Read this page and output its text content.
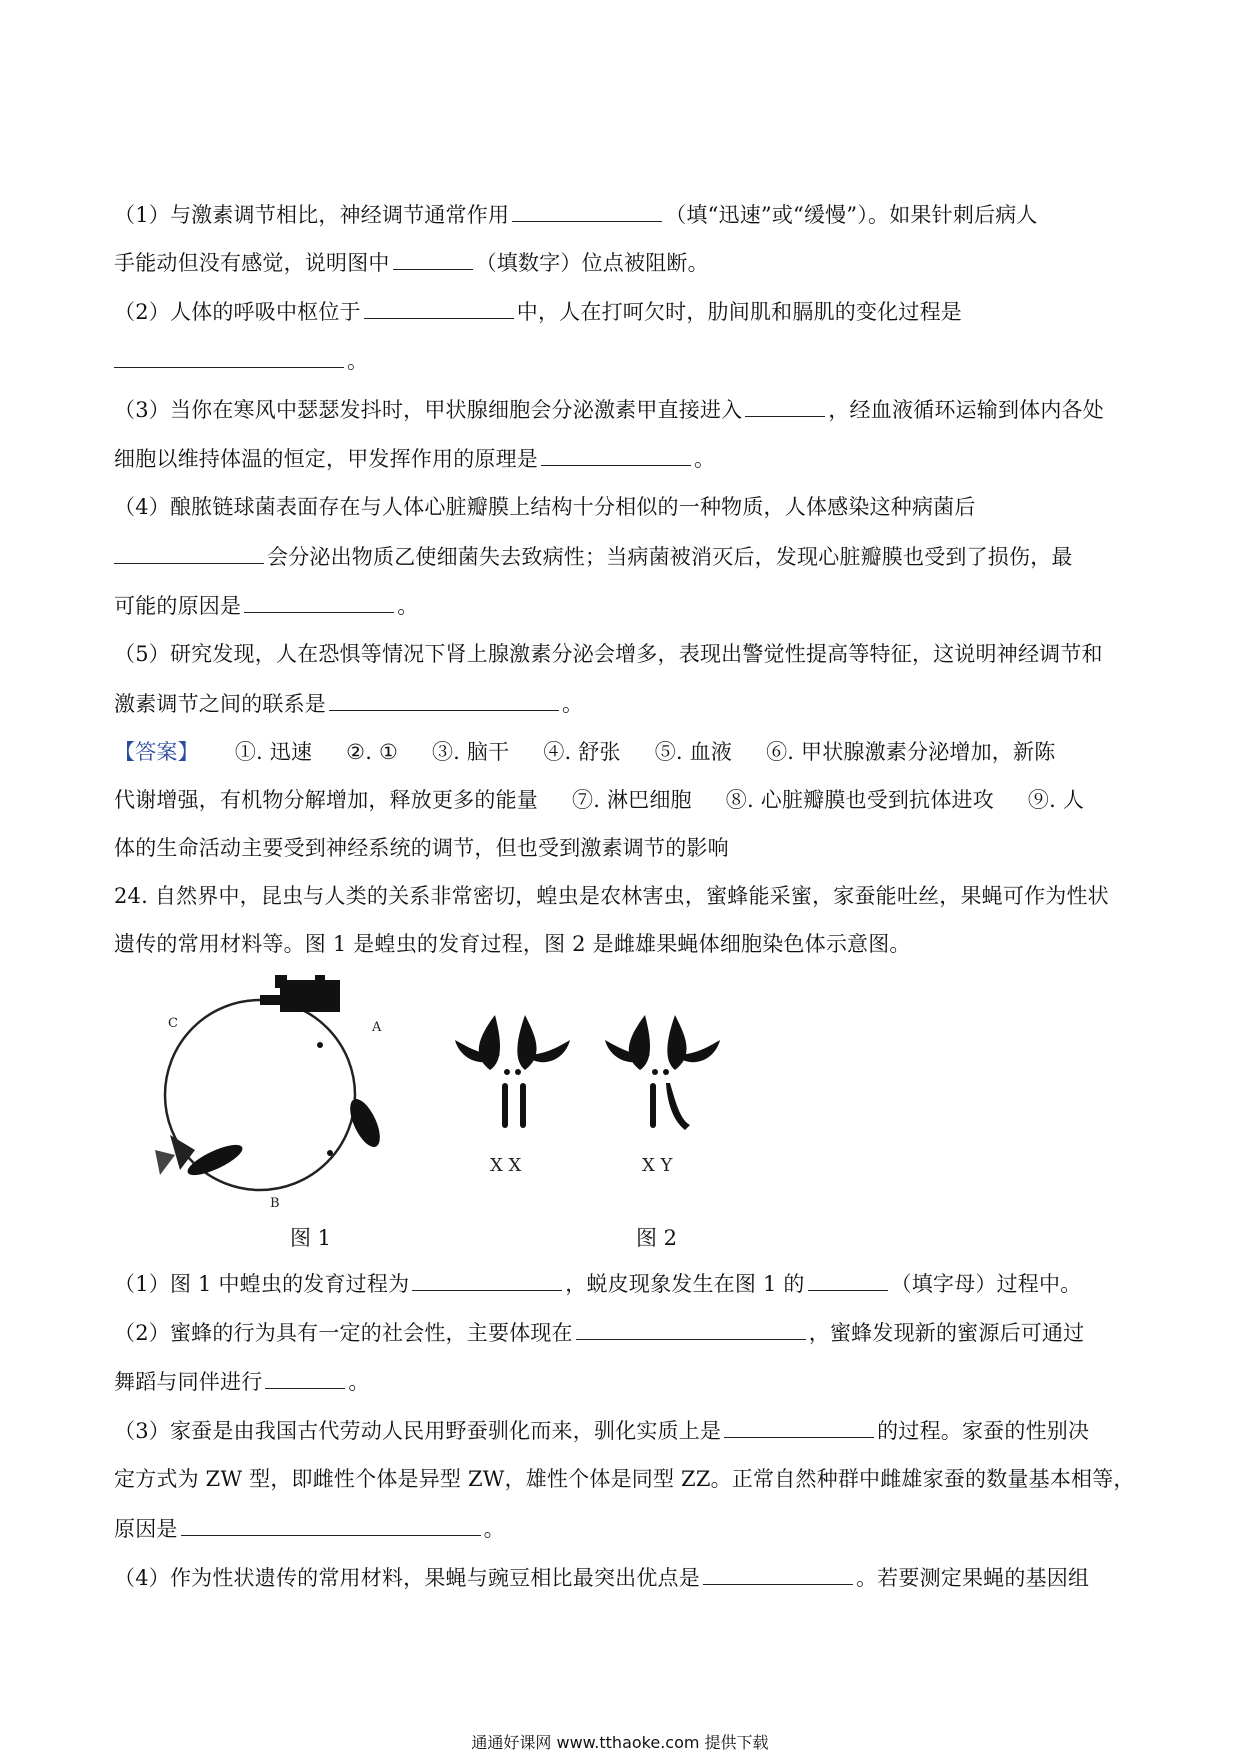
（1）与激素调节相比，神经调节通常作用	（填“迅速”或“缓慢”）。如果针刺后病人
手能动但没有感觉，说明图中	（填数字）位点被阻断。
（2）人体的呼吸中枢位于	中，人在打呵欠时，肋间肌和膈肌的变化过程是
。
（3）当你在寒风中瑟瑟发抖时，甲状腺细胞会分泌激素甲直接进入	，经血液循环运输到体内各处
细胞以维持体温的恒定，甲发挥作用的原理是	。
（4）酿脓链球菌表面存在与人体心脏瓣膜上结构十分相似的一种物质，人体感染这种病菌后
会分泌出物质乙使细菌失去致病性；当病菌被消灭后，发现心脏瓣膜也受到了损伤，最
可能的原因是	。
（5）研究发现，人在恐惧等情况下肾上腺激素分泌会增多，表现出警觉性提高等特征，这说明神经调节和
激素调节之间的联系是	。
【答案】 ①. 迅速 ②. ① ③. 脑干 ④. 舒张 ⑤. 血液 ⑥. 甲状腺激素分泌增加，新陈
代谢增强，有机物分解增加，释放更多的能量 ⑦. 淋巴细胞 ⑧. 心脏瓣膜也受到抗体进攻 ⑨. 人
体的生命活动主要受到神经系统的调节，但也受到激素调节的影响
24. 自然界中，昆虫与人类的关系非常密切，蝗虫是农林害虫，蜜蜂能采蜜，家蚕能吐丝，果蝇可作为性状
遗传的常用材料等。图 1 是蝗虫的发育过程，图 2 是雌雄果蝇体细胞染色体示意图。
C	A
B
X X	X Y
图 1	图 2
（1）图 1 中蝗虫的发育过程为	，蜕皮现象发生在图 1 的	（填字母）过程中。
（2）蜜蜂的行为具有一定的社会性，主要体现在	，蜜蜂发现新的蜜源后可通过
舞蹈与同伴进行	。
（3）家蚕是由我国古代劳动人民用野蚕驯化而来，驯化实质上是	的过程。家蚕的性别决
定方式为 ZW 型，即雌性个体是异型 ZW，雄性个体是同型 ZZ。正常自然种群中雌雄家蚕的数量基本相等，
原因是	。
（4）作为性状遗传的常用材料，果蝇与豌豆相比最突出优点是	。若要测定果蝇的基因组
通通好课网 www.tthaoke.com 提供下载
